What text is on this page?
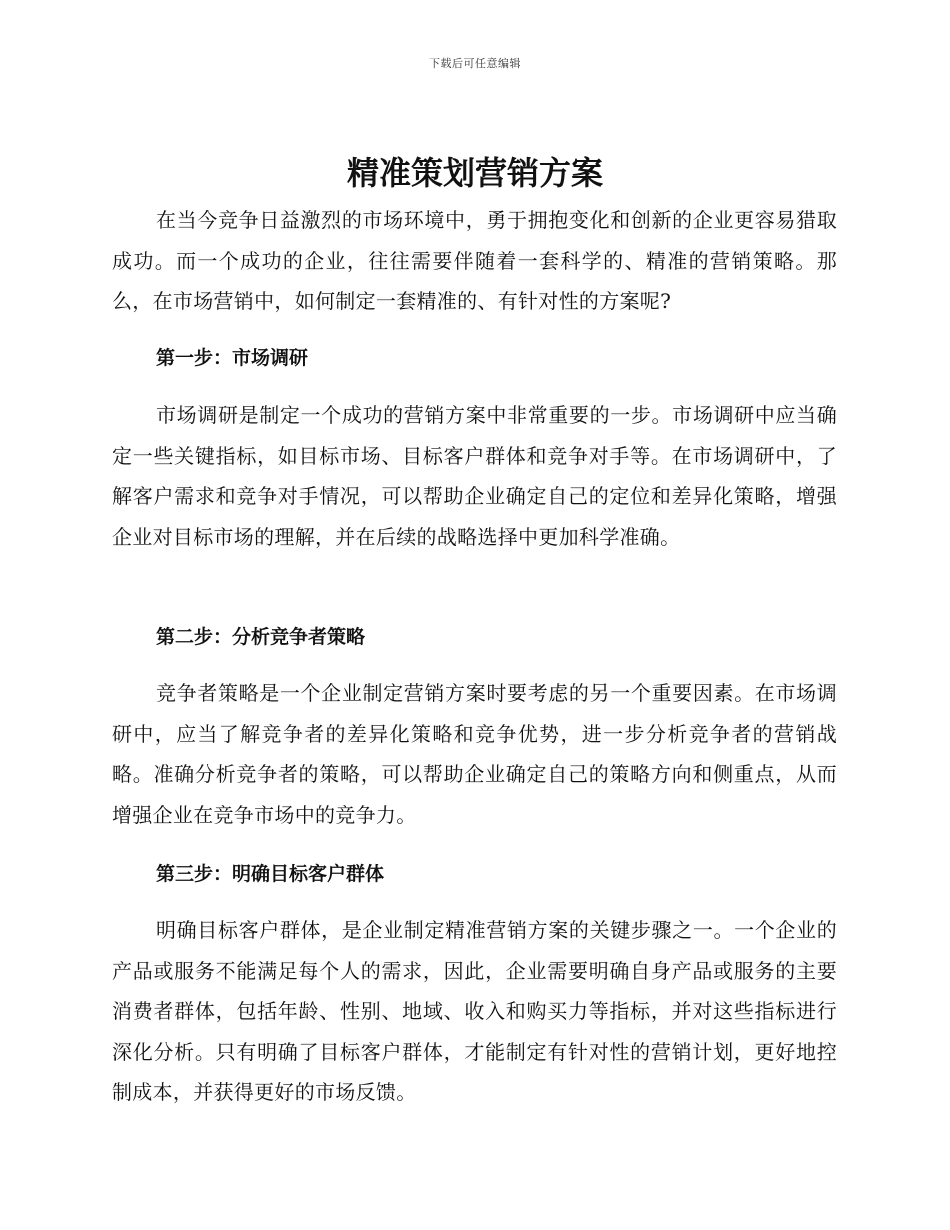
下载后可任意编辑
精准策划营销方案

在当今竞争日益激烈的市场环境中，勇于拥抱变化和创新的企业更容易猎取成功。而一个成功的企业，往往需要伴随着一套科学的、精准的营销策略。那么，在市场营销中，如何制定一套精准的、有针对性的方案呢?

第一步：市场调研

市场调研是制定一个成功的营销方案中非常重要的一步。市场调研中应当确定一些关键指标，如目标市场、目标客户群体和竞争对手等。在市场调研中，了解客户需求和竞争对手情况，可以帮助企业确定自己的定位和差异化策略，增强企业对目标市场的理解，并在后续的战略选择中更加科学准确。

第二步：分析竞争者策略

竞争者策略是一个企业制定营销方案时要考虑的另一个重要因素。在市场调研中，应当了解竞争者的差异化策略和竞争优势，进一步分析竞争者的营销战略。准确分析竞争者的策略，可以帮助企业确定自己的策略方向和侧重点，从而增强企业在竞争市场中的竞争力。

第三步：明确目标客户群体

明确目标客户群体，是企业制定精准营销方案的关键步骤之一。一个企业的产品或服务不能满足每个人的需求，因此，企业需要明确自身产品或服务的主要消费者群体，包括年龄、性别、地域、收入和购买力等指标，并对这些指标进行深化分析。只有明确了目标客户群体，才能制定有针对性的营销计划，更好地控制成本，并获得更好的市场反馈。
